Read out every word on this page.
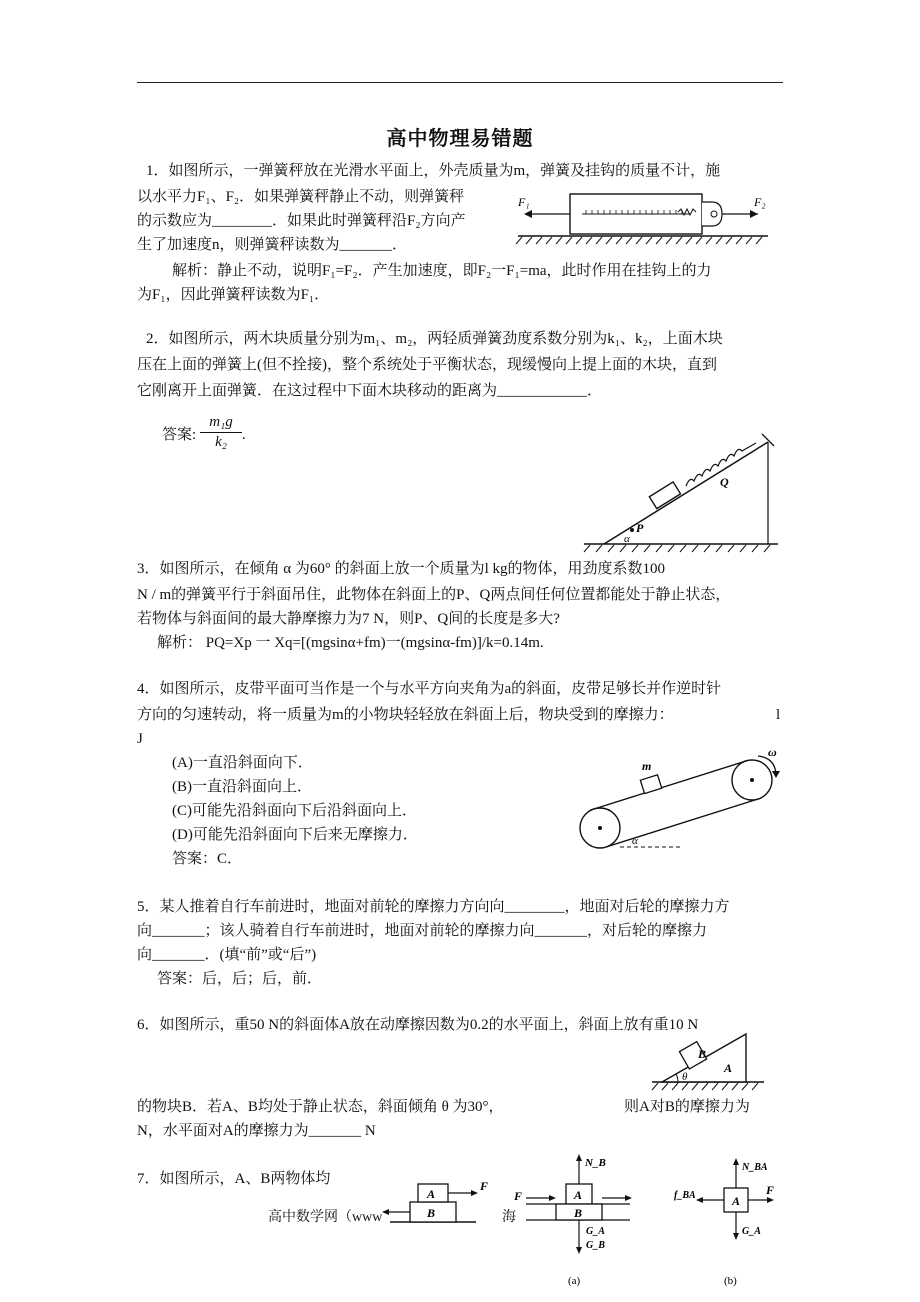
高中物理易错题
1．如图所示，一弹簧秤放在光滑水平面上，外壳质量为m，弹簧及挂钩的质量不计，施
以水平力F₁、F₂．如果弹簧秤静止不动，则弹簧秤
的示数应为________．如果此时弹簧秤沿F₂方向产
生了加速度n，则弹簧秤读数为_______．
解析：静止不动，说明F₁=F₂．产生加速度，即F₂一F₁=ma，此时作用在挂钩上的力
为F₁，因此弹簧秤读数为F₁．
F₁	F₂
2．如图所示，两木块质量分别为m₁、m₂，两轻质弹簧劲度系数分别为k₁、k₂，上面木块
压在上面的弹簧上(但不拴接)，整个系统处于平衡状态，现缓慢向上提上面的木块，直到
它刚离开上面弹簧．在这过程中下面木块移动的距离为____________．
答案: $\frac{\text{m₁g}}{\text{k₂}}$ .
Q
P
α
3．如图所示，在倾角 α 为60° 的斜面上放一个质量为l kg的物体，用劲度系数100
N / m的弹簧平行于斜面吊住，此物体在斜面上的P、Q两点间任何位置都能处于静止状态，
若物体与斜面间的最大静摩擦力为7 N，则P、Q间的长度是多大?
解析： PQ=Xp 一 Xq=[(mgsinα+fm)一(mgsinα-fm)]/k=0.14m.
4．如图所示，皮带平面可当作是一个与水平方向夹角为a的斜面，皮带足够长并作逆时针
方向的匀速转动，将一质量为m的小物块轻轻放在斜面上后，物块受到的摩擦力：	l
J
(A)一直沿斜面向下．
(B)一直沿斜面向上．
(C)可能先沿斜面向下后沿斜面向上．
(D)可能先沿斜面向下后来无摩擦力．
答案：C．
m
ω
α
5．某人推着自行车前进时，地面对前轮的摩擦力方向向________，地面对后轮的摩擦力方
向_______；该人骑着自行车前进时，地面对前轮的摩擦力向_______，对后轮的摩擦力
向_______．(填“前”或“后”)
答案：后，后；后，前．
6．如图所示，重50 N的斜面体A放在动摩擦因数为0.2的水平面上，斜面上放有重10 N
的物块B．若A、B均处于静止状态，斜面倾角 θ 为30°，	则A对B的摩擦力为
N，水平面对A的摩擦力为_______ N
B
A
θ
7．如图所示，A、B两物体均
高中数学网（www	海
A
B
F
A
B
N_B
G_A
G_B
F
(a)
A
N_BA
G_A
f_BA	F
(b)
